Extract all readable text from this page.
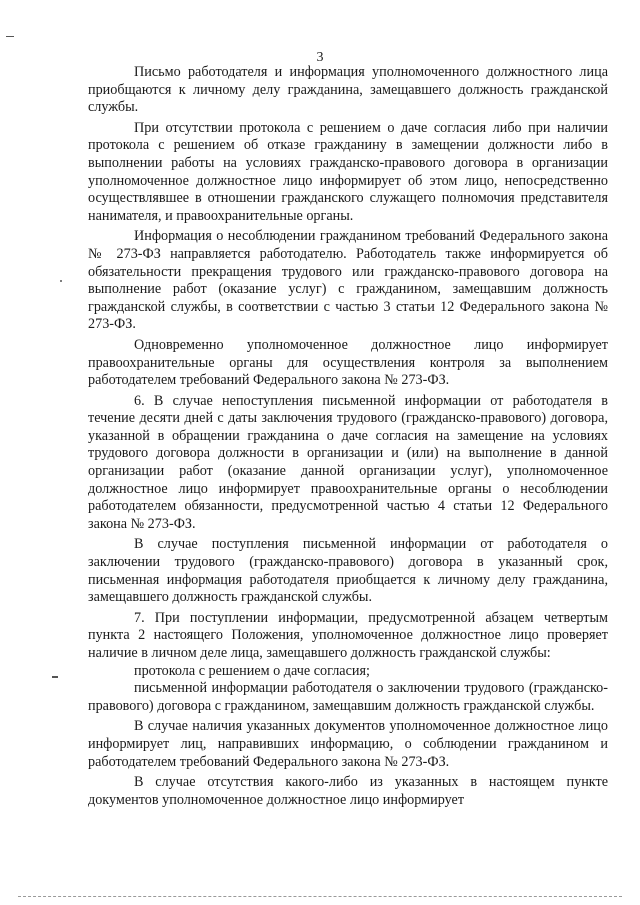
3

Письмо работодателя и информация уполномоченного должностного лица приобщаются к личному делу гражданина, замещавшего должность гражданской службы.

При отсутствии протокола с решением о даче согласия либо при наличии протокола с решением об отказе гражданину в замещении должности либо в выполнении работы на условиях гражданско-правового договора в организации уполномоченное должностное лицо информирует об этом лицо, непосредственно осуществлявшее в отношении гражданского служащего полномочия представителя нанимателя, и правоохранительные органы.

Информация о несоблюдении гражданином требований Федерального закона № 273-ФЗ направляется работодателю. Работодатель также информируется об обязательности прекращения трудового или гражданско-правового договора на выполнение работ (оказание услуг) с гражданином, замещавшим должность гражданской службы, в соответствии с частью 3 статьи 12 Федерального закона № 273-ФЗ.

Одновременно уполномоченное должностное лицо информирует правоохранительные органы для осуществления контроля за выполнением работодателем требований Федерального закона № 273-ФЗ.

6. В случае непоступления письменной информации от работодателя в течение десяти дней с даты заключения трудового (гражданско-правового) договора, указанной в обращении гражданина о даче согласия на замещение на условиях трудового договора должности в организации и (или) на выполнение в данной организации работ (оказание данной организации услуг), уполномоченное должностное лицо информирует правоохранительные органы о несоблюдении работодателем обязанности, предусмотренной частью 4 статьи 12 Федерального закона № 273-ФЗ.

В случае поступления письменной информации от работодателя о заключении трудового (гражданско-правового) договора в указанный срок, письменная информация работодателя приобщается к личному делу гражданина, замещавшего должность гражданской службы.

7. При поступлении информации, предусмотренной абзацем четвертым пункта 2 настоящего Положения, уполномоченное должностное лицо проверяет наличие в личном деле лица, замещавшего должность гражданской службы:

протокола с решением о даче согласия;

письменной информации работодателя о заключении трудового (гражданско-правового) договора с гражданином, замещавшим должность гражданской службы.

В случае наличия указанных документов уполномоченное должностное лицо информирует лиц, направивших информацию, о соблюдении гражданином и работодателем требований Федерального закона № 273-ФЗ.

В случае отсутствия какого-либо из указанных в настоящем пункте документов уполномоченное должностное лицо информирует
